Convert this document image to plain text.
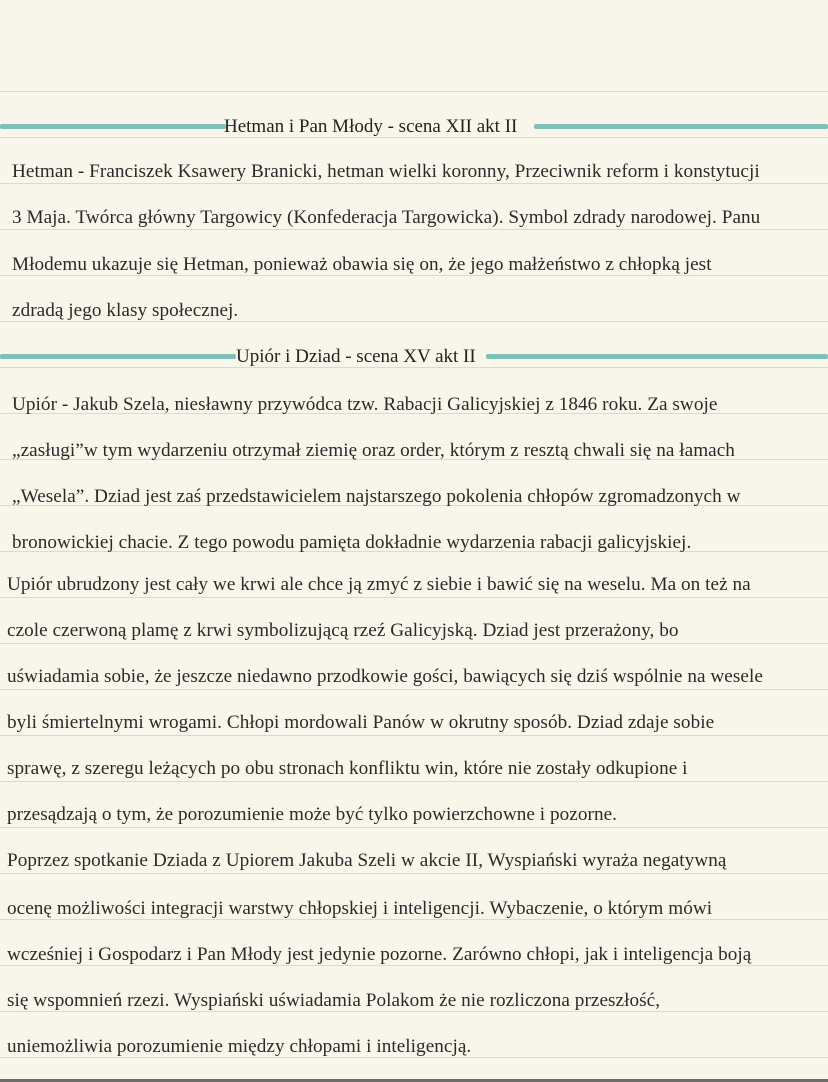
Hetman i Pan Młody - scena XII akt II
Hetman - Franciszek Ksawery Branicki, hetman wielki koronny, Przeciwnik reform i konstytucji
3 Maja. Twórca główny Targowicy (Konfederacja Targowicka). Symbol zdrady narodowej. Panu
Młodemu ukazuje się Hetman, ponieważ obawia się on, że jego małżeństwo z chłopką jest
zdradą jego klasy społecznej.
Upiór i Dziad - scena XV akt II
Upiór - Jakub Szela, niesławny przywódca tzw. Rabacji Galicyjskiej z 1846 roku. Za swoje
„zasługi”w tym wydarzeniu otrzymał ziemię oraz order, którym z resztą chwali się na łamach
„Wesela”. Dziad jest zaś przedstawicielem najstarszego pokolenia chłopów zgromadzonych w
bronowickiej chacie. Z tego powodu pamięta dokładnie wydarzenia rabacji galicyjskiej.
Upiór ubrudzony jest cały we krwi ale chce ją zmyć z siebie i bawić się na weselu. Ma on też na
czole czerwoną plamę z krwi symbolizującą rzeź Galicyjską. Dziad jest przerażony, bo
uświadamia sobie, że jeszcze niedawno przodkowie gości, bawiących się dziś wspólnie na wesele
byli śmiertelnymi wrogami. Chłopi mordowali Panów w okrutny sposób. Dziad zdaje sobie
sprawę, z szeregu leżących po obu stronach konfliktu win, które nie zostały odkupione i
przesądzają o tym, że porozumienie może być tylko powierzchowne i pozorne.
Poprzez spotkanie Dziada z Upiorem Jakuba Szeli w akcie II, Wyspiański wyraża negatywną
ocenę możliwości integracji warstwy chłopskiej i inteligencji. Wybaczenie, o którym mówi
wcześniej i Gospodarz i Pan Młody jest jedynie pozorne. Zarówno chłopi, jak i inteligencja boją
się wspomnień rzezi. Wyspiański uświadamia Polakom że nie rozliczona przeszłość,
uniemożliwia porozumienie między chłopami i inteligencją.
